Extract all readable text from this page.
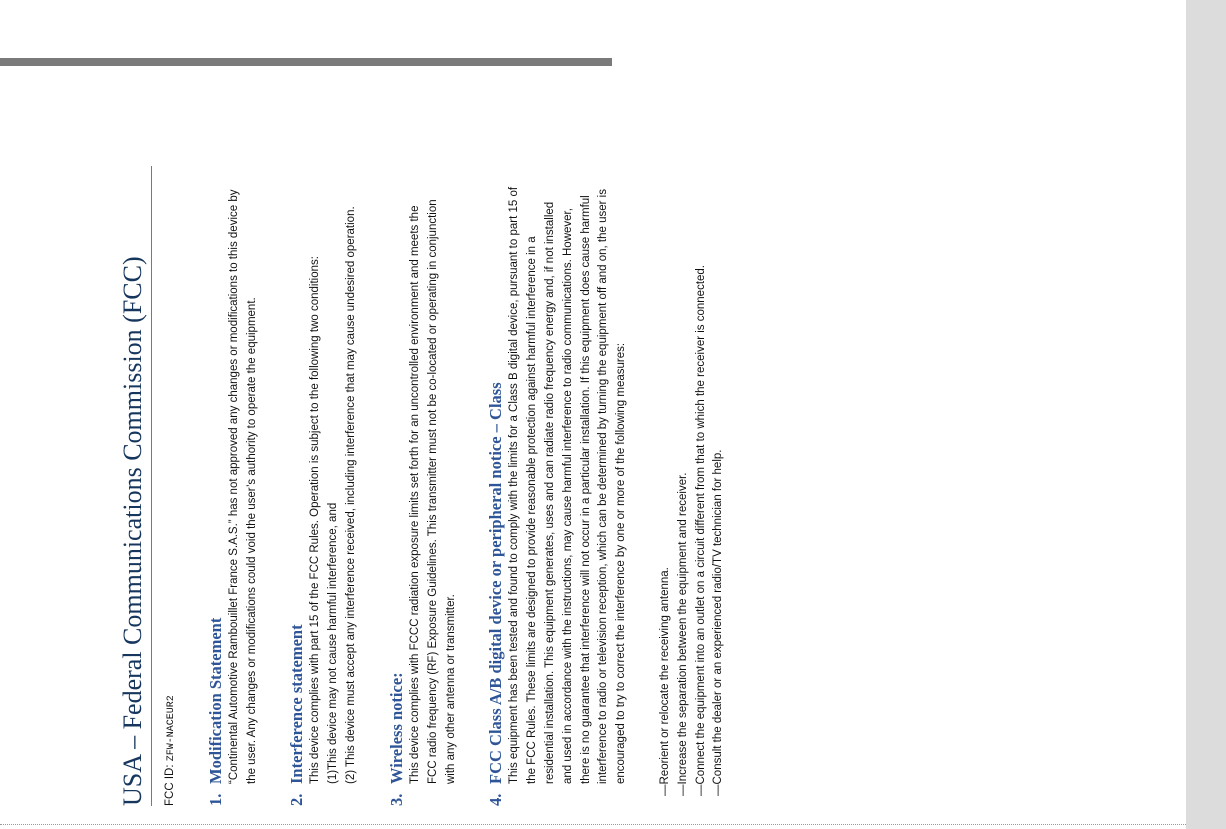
USA – Federal Communications Commission (FCC)	FCC ID: ZFW-NACEUR2

1.Modification Statement “Continental Automotive Rambouillet France S.A.S.” has not approved any changes or modifications to this device by the user. Any changes or modifications could void the user’s authority to operate the equipment.

2.Interference statement This device complies with part 15 of the FCC Rules. Operation is subject to the following two conditions: (1)This device may not cause harmful interference, and (2) This device must accept any interference received, including interference that may cause undesired operation.

3.Wireless notice: This device complies with FCCC radiation exposure limits set forth for an uncontrolled environment and meets the FCC radio frequency (RF) Exposure Guidelines. This transmitter must not be co-located or operating in conjunction with any other antenna or transmitter.

4.FCC Class A/B digital device or peripheral notice – Class This equipment has been tested and found to comply with the limits for a Class B digital device, pursuant to part 15 of the FCC Rules. These limits are designed to provide reasonable protection against harmful interference in a residential installation. This equipment generates, uses and can radiate radio frequency energy and, if not installed and used in accordance with the instructions, may cause harmful interference to radio communications. However, there is no guarantee that interference will not occur in a particular installation. If this equipment does cause harmful interference to radio or television reception, which can be determined by turning the equipment off and on, the user is encouraged to try to correct the interference by one or more of the following measures:	—Reorient or relocate the receiving antenna. —Increase the separation between the equipment and receiver. —Connect the equipment into an outlet on a circuit different from that to which the receiver is connected. —Consult the dealer or an experienced radio/TV technician for help.
